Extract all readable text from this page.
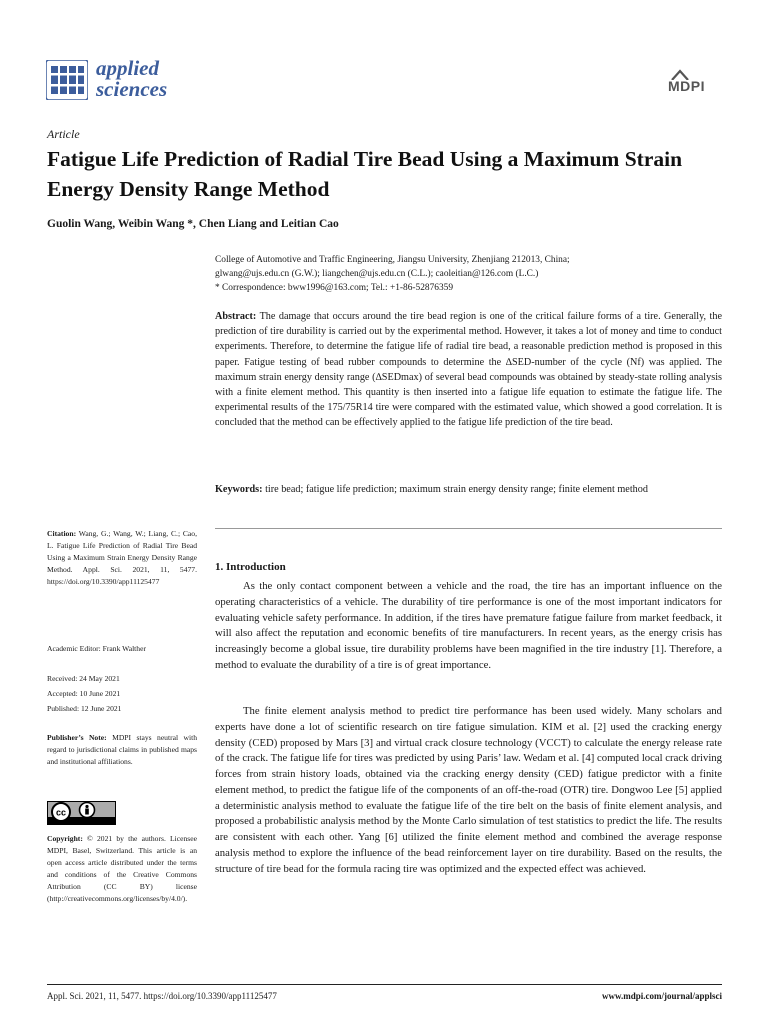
applied
sciences	MDPI
Article
Fatigue Life Prediction of Radial Tire Bead Using a Maximum Strain Energy Density Range Method
Guolin Wang, Weibin Wang *, Chen Liang and Leitian Cao
College of Automotive and Traffic Engineering, Jiangsu University, Zhenjiang 212013, China;
glwang@ujs.edu.cn (G.W.); liangchen@ujs.edu.cn (C.L.); caoleitian@126.com (L.C.)
* Correspondence: bww1996@163.com; Tel.: +1-86-52876359
Abstract: The damage that occurs around the tire bead region is one of the critical failure forms of a tire. Generally, the prediction of tire durability is carried out by the experimental method. However, it takes a lot of money and time to conduct experiments. Therefore, to determine the fatigue life of radial tire bead, a reasonable prediction method is proposed in this paper. Fatigue testing of bead rubber compounds to determine the ∆SED-number of the cycle (Nf) was applied. The maximum strain energy density range (∆SEDmax) of several bead compounds was obtained by steady-state rolling analysis with a finite element method. This quantity is then inserted into a fatigue life equation to estimate the fatigue life. The experimental results of the 175/75R14 tire were compared with the estimated value, which showed a good correlation. It is concluded that the method can be effectively applied to the fatigue life prediction of the tire bead.
Keywords: tire bead; fatigue life prediction; maximum strain energy density range; finite element method
Citation: Wang, G.; Wang, W.; Liang, C.; Cao, L. Fatigue Life Prediction of Radial Tire Bead Using a Maximum Strain Energy Density Range Method. Appl. Sci. 2021, 11, 5477. https://doi.org/10.3390/app11125477
Academic Editor: Frank Walther
Received: 24 May 2021
Accepted: 10 June 2021
Published: 12 June 2021
Publisher’s Note: MDPI stays neutral with regard to jurisdictional claims in published maps and institutional affiliations.
cc
Copyright: © 2021 by the authors. Licensee MDPI, Basel, Switzerland. This article is an open access article distributed under the terms and conditions of the Creative Commons Attribution (CC BY) license (http://creativecommons.org/licenses/by/4.0/).
1. Introduction
As the only contact component between a vehicle and the road, the tire has an important influence on the operating characteristics of a vehicle. The durability of tire performance is one of the most important indicators for evaluating vehicle safety performance. In addition, if the tires have premature fatigue failure from market feedback, it will also affect the reputation and economic benefits of tire manufacturers. In recent years, as the energy crisis has increasingly become a global issue, tire durability problems have been magnified in the tire industry [1]. Therefore, a method to evaluate the durability of a tire is of great importance.
The finite element analysis method to predict tire performance has been used widely. Many scholars and experts have done a lot of scientific research on tire fatigue simulation. KIM et al. [2] used the cracking energy density (CED) proposed by Mars [3] and virtual crack closure technology (VCCT) to calculate the energy release rate of the crack. The fatigue life for tires was predicted by using Paris’ law. Wedam et al. [4] computed local crack driving forces from strain history loads, obtained via the cracking energy density (CED) fatigue predictor with a finite element method, to predict the fatigue life of the components of an off-the-road (OTR) tire. Dongwoo Lee [5] applied a deterministic analysis method to evaluate the fatigue life of the tire belt on the basis of finite element analysis, and proposed a probabilistic analysis method by the Monte Carlo simulation of test statistics to predict the life. The results are consistent with each other. Yang [6] utilized the finite element method and combined the average response analysis method to explore the influence of the bead reinforcement layer on tire durability. Based on the results, the structure of tire bead for the formula racing tire was optimized and the expected effect was achieved.
Appl. Sci. 2021, 11, 5477. https://doi.org/10.3390/app11125477	www.mdpi.com/journal/applsci
